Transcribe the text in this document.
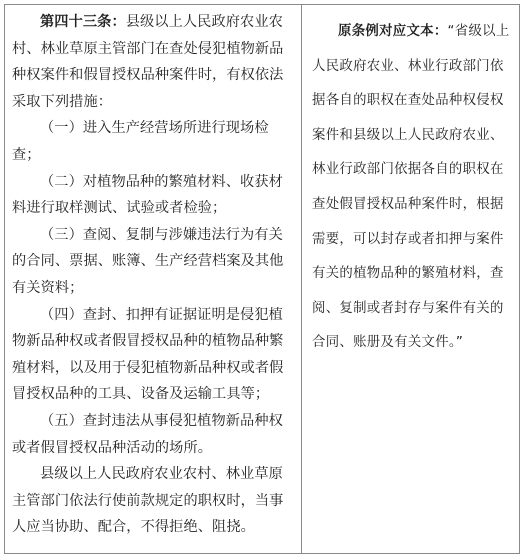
第四十三条：县级以上人民政府农业农村、林业草原主管部门在查处侵犯植物新品种权案件和假冒授权品种案件时，有权依法采取下列措施：

（一）进入生产经营场所进行现场检查；

（二）对植物品种的繁殖材料、收获材料进行取样测试、试验或者检验；

（三）查阅、复制与涉嫌违法行为有关的合同、票据、账簿、生产经营档案及其他有关资料；

（四）查封、扣押有证据证明是侵犯植物新品种权或者假冒授权品种的植物品种繁殖材料，以及用于侵犯植物新品种权或者假冒授权品种的工具、设备及运输工具等；

（五）查封违法从事侵犯植物新品种权或者假冒授权品种活动的场所。

县级以上人民政府农业农村、林业草原主管部门依法行使前款规定的职权时，当事人应当协助、配合，不得拒绝、阻挠。

原条例对应文本：“省级以上人民政府农业、林业行政部门依据各自的职权在查处品种权侵权案件和县级以上人民政府农业、林业行政部门依据各自的职权在查处假冒授权品种案件时，根据需要，可以封存或者扣押与案件有关的植物品种的繁殖材料，查阅、复制或者封存与案件有关的合同、账册及有关文件。”
